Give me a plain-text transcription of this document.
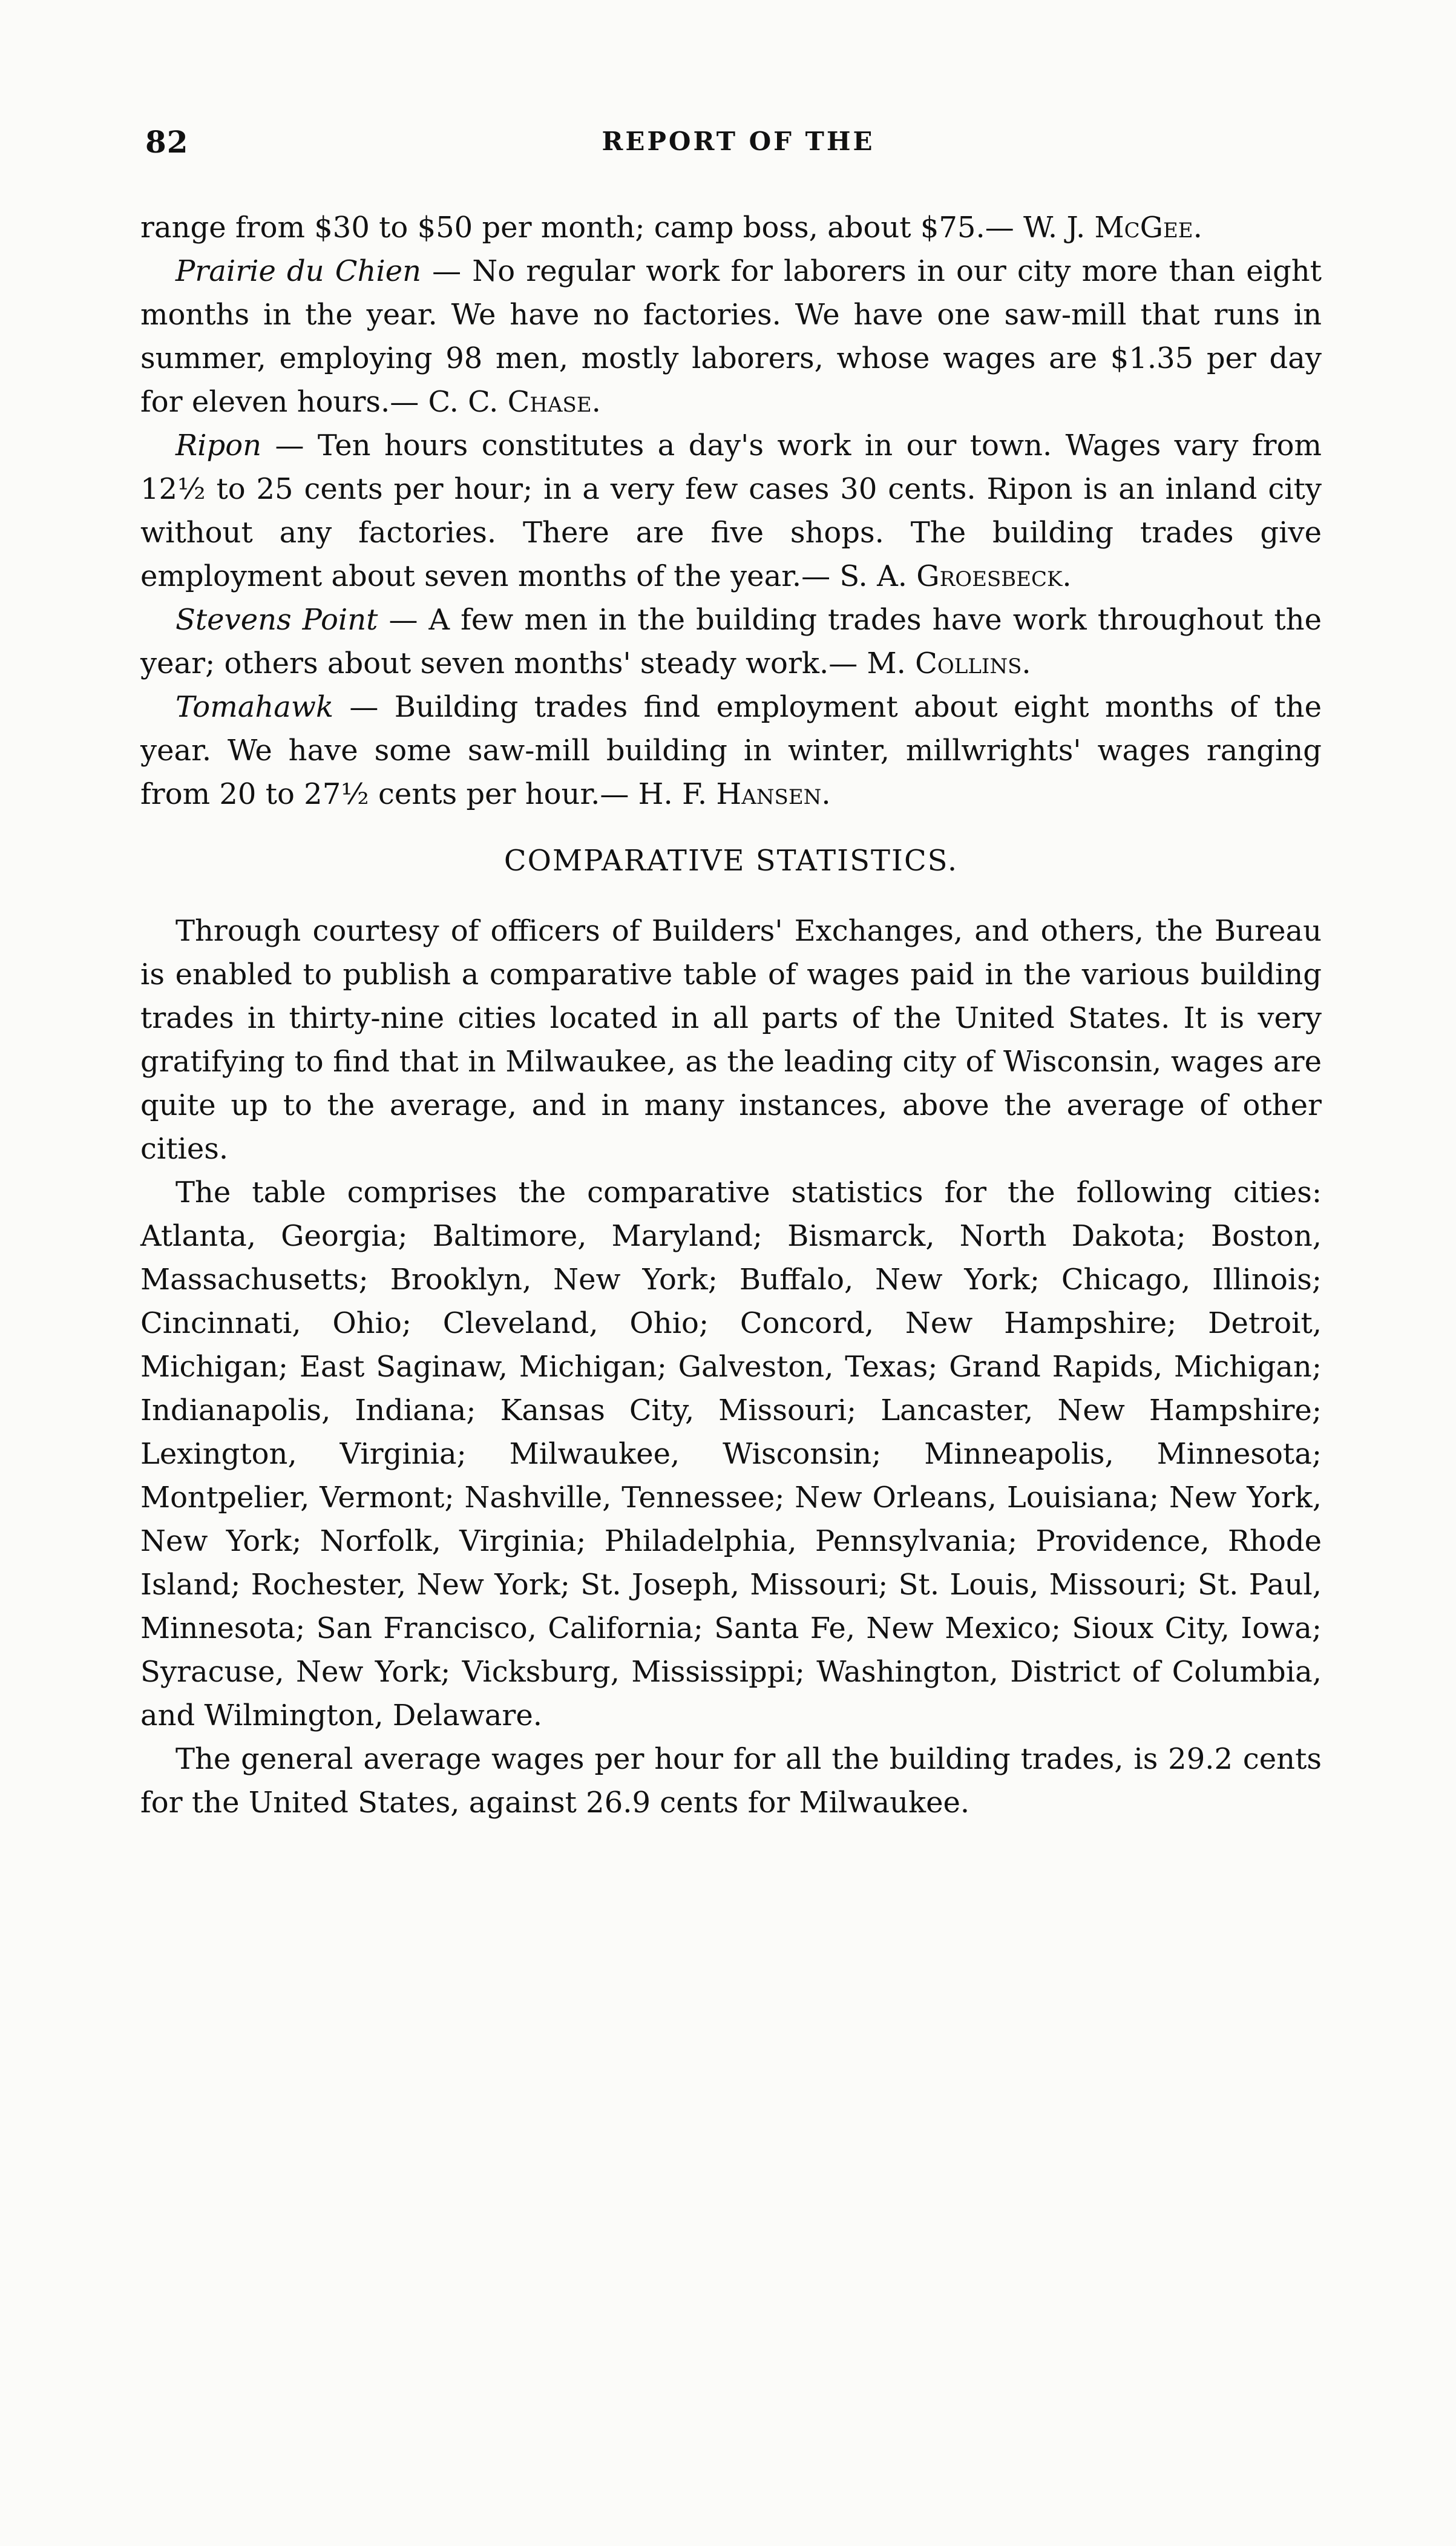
82	REPORT OF THE

range from $30 to $50 per month; camp boss, about $75.— W. J. McGee.

Prairie du Chien — No regular work for laborers in our city more than eight months in the year. We have no factories. We have one saw-mill that runs in summer, employing 98 men, mostly laborers, whose wages are $1.35 per day for eleven hours.— C. C. Chase.

Ripon — Ten hours constitutes a day's work in our town. Wages vary from 12½ to 25 cents per hour; in a very few cases 30 cents. Ripon is an inland city without any factories. There are five shops. The building trades give employment about seven months of the year.— S. A. Groesbeck.

Stevens Point — A few men in the building trades have work throughout the year; others about seven months' steady work.— M. Collins.

Tomahawk — Building trades find employment about eight months of the year. We have some saw-mill building in winter, millwrights' wages ranging from 20 to 27½ cents per hour.— H. F. Hansen.

COMPARATIVE STATISTICS.

Through courtesy of officers of Builders' Exchanges, and others, the Bureau is enabled to publish a comparative table of wages paid in the various building trades in thirty-nine cities located in all parts of the United States. It is very gratifying to find that in Milwaukee, as the leading city of Wisconsin, wages are quite up to the average, and in many instances, above the average of other cities.

The table comprises the comparative statistics for the following cities: Atlanta, Georgia; Baltimore, Maryland; Bismarck, North Dakota; Boston, Massachusetts; Brooklyn, New York; Buffalo, New York; Chicago, Illinois; Cincinnati, Ohio; Cleveland, Ohio; Concord, New Hampshire; Detroit, Michigan; East Saginaw, Michigan; Galveston, Texas; Grand Rapids, Michigan; Indianapolis, Indiana; Kansas City, Missouri; Lancaster, New Hampshire; Lexington, Virginia; Milwaukee, Wisconsin; Minneapolis, Minnesota; Montpelier, Vermont; Nashville, Tennessee; New Orleans, Louisiana; New York, New York; Norfolk, Virginia; Philadelphia, Pennsylvania; Providence, Rhode Island; Rochester, New York; St. Joseph, Missouri; St. Louis, Missouri; St. Paul, Minnesota; San Francisco, California; Santa Fe, New Mexico; Sioux City, Iowa; Syracuse, New York; Vicksburg, Mississippi; Washington, District of Columbia, and Wilmington, Delaware.

The general average wages per hour for all the building trades, is 29.2 cents for the United States, against 26.9 cents for Milwaukee.
